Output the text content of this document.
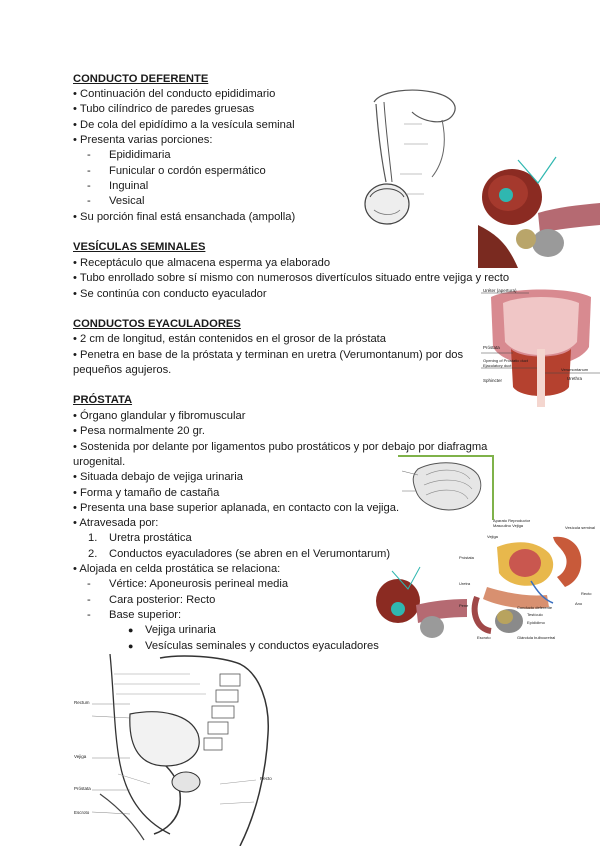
CONDUCTO DEFERENTE
• Continuación del conducto epididimario
• Tubo cilíndrico de paredes gruesas
• De cola del epidídimo a la vesícula seminal
• Presenta varias porciones:
- Epididimaria
- Funicular o cordón espermático
- Inguinal
- Vesical
• Su porción final está ensanchada (ampolla)
VESÍCULAS SEMINALES
• Receptáculo que almacena esperma ya elaborado
• Tubo enrollado sobre sí mismo con numerosos divertículos situado entre vejiga y recto
• Se continúa con conducto eyaculador
CONDUCTOS EYACULADORES
• 2 cm de longitud, están contenidos en el grosor de la próstata
• Penetra en base de la próstata y terminan en uretra (Verumontanum) por dos
pequeños agujeros.
PRÓSTATA
• Órgano glandular y fibromuscular
• Pesa normalmente 20 gr.
• Sostenida por delante por ligamentos pubo prostáticos y por debajo por diafragma
urogenital.
• Situada debajo de vejiga urinaria
• Forma y tamaño de castaña
• Presenta una base superior aplanada, en contacto con la vejiga.
• Atravesada por:
1. Uretra prostática
2. Conductos eyaculadores (se abren en el Verumontarum)
• Alojada en celda prostática se relaciona:
- Vértice: Aponeurosis perineal media
- Cara posterior: Recto
- Base superior:
● Vejiga urinaria
● Vesículas seminales y conductos eyaculadores
Uréter (apertura)
Próstata
Opening of Prostatic duct
Ejaculatory duct
Sphincter
Verumontanum
Urethra
Aparato Reproductor Masculino Vejiga	Vesícula seminal
Vejiga
Próstata
Uretra
Pene	Conducto deferente
Testículo
Escroto
Epidídimo
Glándula bulbouretral
Recto
Ano
Rectum
Vejiga
Próstata
Escroto
Recto
